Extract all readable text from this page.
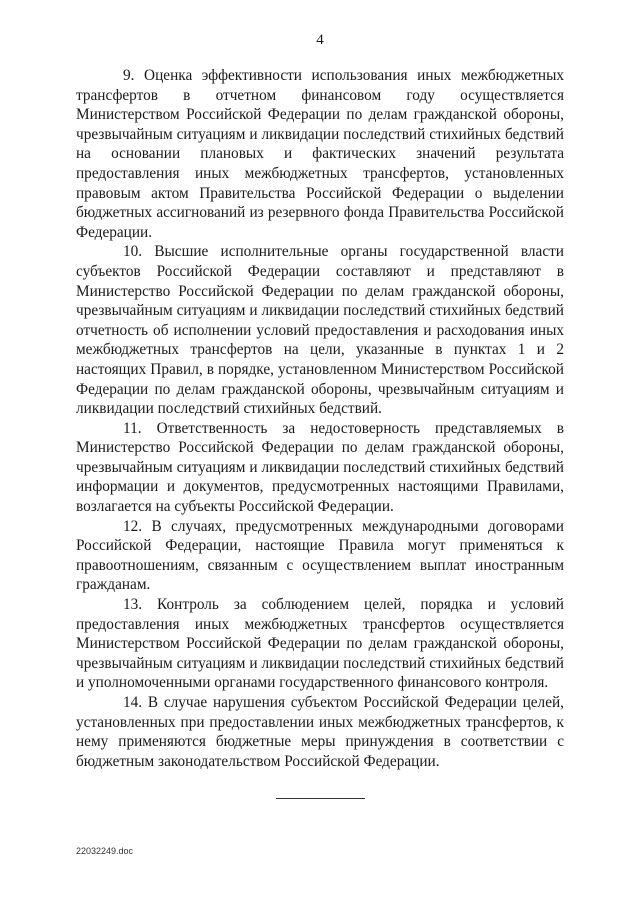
4

9. Оценка эффективности использования иных межбюджетных трансфертов в отчетном финансовом году осуществляется Министерством Российской Федерации по делам гражданской обороны, чрезвычайным ситуациям и ликвидации последствий стихийных бедствий на основании плановых и фактических значений результата предоставления иных межбюджетных трансфертов, установленных правовым актом Правительства Российской Федерации о выделении бюджетных ассигнований из резервного фонда Правительства Российской Федерации.

10. Высшие исполнительные органы государственной власти субъектов Российской Федерации составляют и представляют в Министерство Российской Федерации по делам гражданской обороны, чрезвычайным ситуациям и ликвидации последствий стихийных бедствий отчетность об исполнении условий предоставления и расходования иных межбюджетных трансфертов на цели, указанные в пунктах 1 и 2 настоящих Правил, в порядке, установленном Министерством Российской Федерации по делам гражданской обороны, чрезвычайным ситуациям и ликвидации последствий стихийных бедствий.

11. Ответственность за недостоверность представляемых в Министерство Российской Федерации по делам гражданской обороны, чрезвычайным ситуациям и ликвидации последствий стихийных бедствий информации и документов, предусмотренных настоящими Правилами, возлагается на субъекты Российской Федерации.

12. В случаях, предусмотренных международными договорами Российской Федерации, настоящие Правила могут применяться к правоотношениям, связанным с осуществлением выплат иностранным гражданам.

13. Контроль за соблюдением целей, порядка и условий предоставления иных межбюджетных трансфертов осуществляется Министерством Российской Федерации по делам гражданской обороны, чрезвычайным ситуациям и ликвидации последствий стихийных бедствий и уполномоченными органами государственного финансового контроля.

14. В случае нарушения субъектом Российской Федерации целей, установленных при предоставлении иных межбюджетных трансфертов, к нему применяются бюджетные меры принуждения в соответствии с бюджетным законодательством Российской Федерации.

22032249.doc
